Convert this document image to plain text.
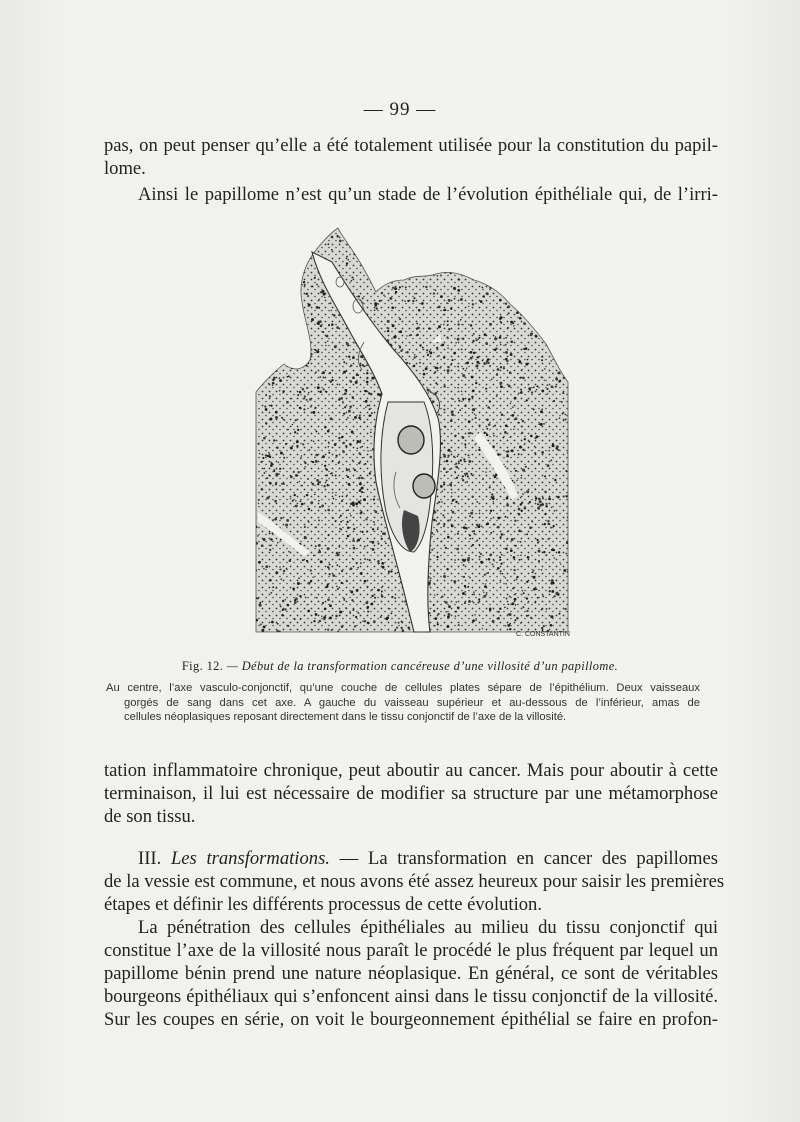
— 99 —
pas, on peut penser qu’elle a été totalement utilisée pour la constitution du papil-
lome.
Ainsi le papillome n’est qu’un stade de l’évolution épithéliale qui, de l’irri-
C. CONSTANTIN
Fig. 12. — Début de la transformation cancéreuse d’une villosité d’un papillome.
Au centre, l’axe vasculo-conjonctif, qu’une couche de cellules plates sépare de l’épithélium. Deux vaisseaux
gorgés de sang dans cet axe. A gauche du vaisseau supérieur et au-dessous de l’inférieur, amas de
cellules néoplasiques reposant directement dans le tissu conjonctif de l’axe de la villosité.
tation inflammatoire chronique, peut aboutir au cancer. Mais pour aboutir à cette
terminaison, il lui est nécessaire de modifier sa structure par une métamorphose
de son tissu.
III. Les transformations. — La transformation en cancer des papillomes
de la vessie est commune, et nous avons été assez heureux pour saisir les premières
étapes et définir les différents processus de cette évolution.
La pénétration des cellules épithéliales au milieu du tissu conjonctif qui
constitue l’axe de la villosité nous paraît le procédé le plus fréquent par lequel un
papillome bénin prend une nature néoplasique. En général, ce sont de véritables
bourgeons épithéliaux qui s’enfoncent ainsi dans le tissu conjonctif de la villosité.
Sur les coupes en série, on voit le bourgeonnement épithélial se faire en profon-
